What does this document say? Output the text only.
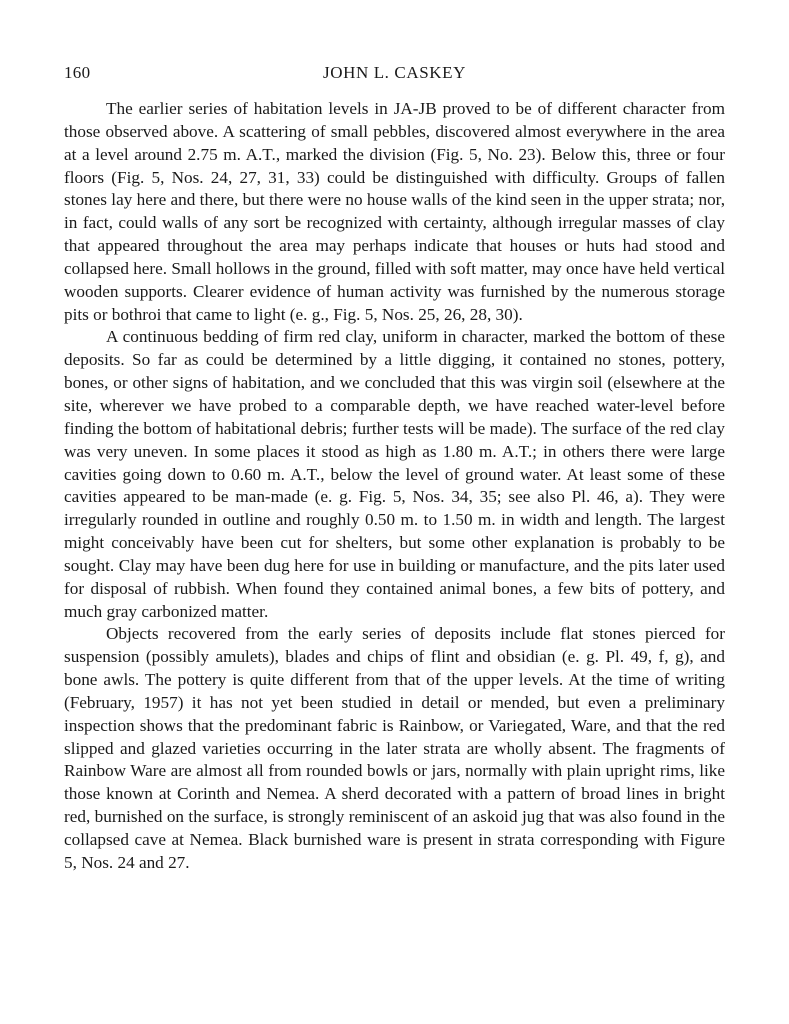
160	JOHN L. CASKEY

The earlier series of habitation levels in JA-JB proved to be of different character from those observed above. A scattering of small pebbles, discovered almost everywhere in the area at a level around 2.75 m. A.T., marked the division (Fig. 5, No. 23). Below this, three or four floors (Fig. 5, Nos. 24, 27, 31, 33) could be distinguished with difficulty. Groups of fallen stones lay here and there, but there were no house walls of the kind seen in the upper strata; nor, in fact, could walls of any sort be recognized with certainty, although irregular masses of clay that appeared throughout the area may perhaps indicate that houses or huts had stood and collapsed here. Small hollows in the ground, filled with soft matter, may once have held vertical wooden supports. Clearer evidence of human activity was furnished by the numerous storage pits or bothroi that came to light (e. g., Fig. 5, Nos. 25, 26, 28, 30).

A continuous bedding of firm red clay, uniform in character, marked the bottom of these deposits. So far as could be determined by a little digging, it contained no stones, pottery, bones, or other signs of habitation, and we concluded that this was virgin soil (elsewhere at the site, wherever we have probed to a comparable depth, we have reached water-level before finding the bottom of habitational debris; further tests will be made). The surface of the red clay was very uneven. In some places it stood as high as 1.80 m. A.T.; in others there were large cavities going down to 0.60 m. A.T., below the level of ground water. At least some of these cavities appeared to be man-made (e. g. Fig. 5, Nos. 34, 35; see also Pl. 46, a). They were irregularly rounded in outline and roughly 0.50 m. to 1.50 m. in width and length. The largest might conceivably have been cut for shelters, but some other explanation is probably to be sought. Clay may have been dug here for use in building or manufacture, and the pits later used for disposal of rubbish. When found they contained animal bones, a few bits of pottery, and much gray carbonized matter.

Objects recovered from the early series of deposits include flat stones pierced for suspension (possibly amulets), blades and chips of flint and obsidian (e. g. Pl. 49, f, g), and bone awls. The pottery is quite different from that of the upper levels. At the time of writing (February, 1957) it has not yet been studied in detail or mended, but even a preliminary inspection shows that the predominant fabric is Rainbow, or Variegated, Ware, and that the red slipped and glazed varieties occurring in the later strata are wholly absent. The fragments of Rainbow Ware are almost all from rounded bowls or jars, normally with plain upright rims, like those known at Corinth and Nemea. A sherd decorated with a pattern of broad lines in bright red, burnished on the surface, is strongly reminiscent of an askoid jug that was also found in the collapsed cave at Nemea. Black burnished ware is present in strata corresponding with Figure 5, Nos. 24 and 27.
